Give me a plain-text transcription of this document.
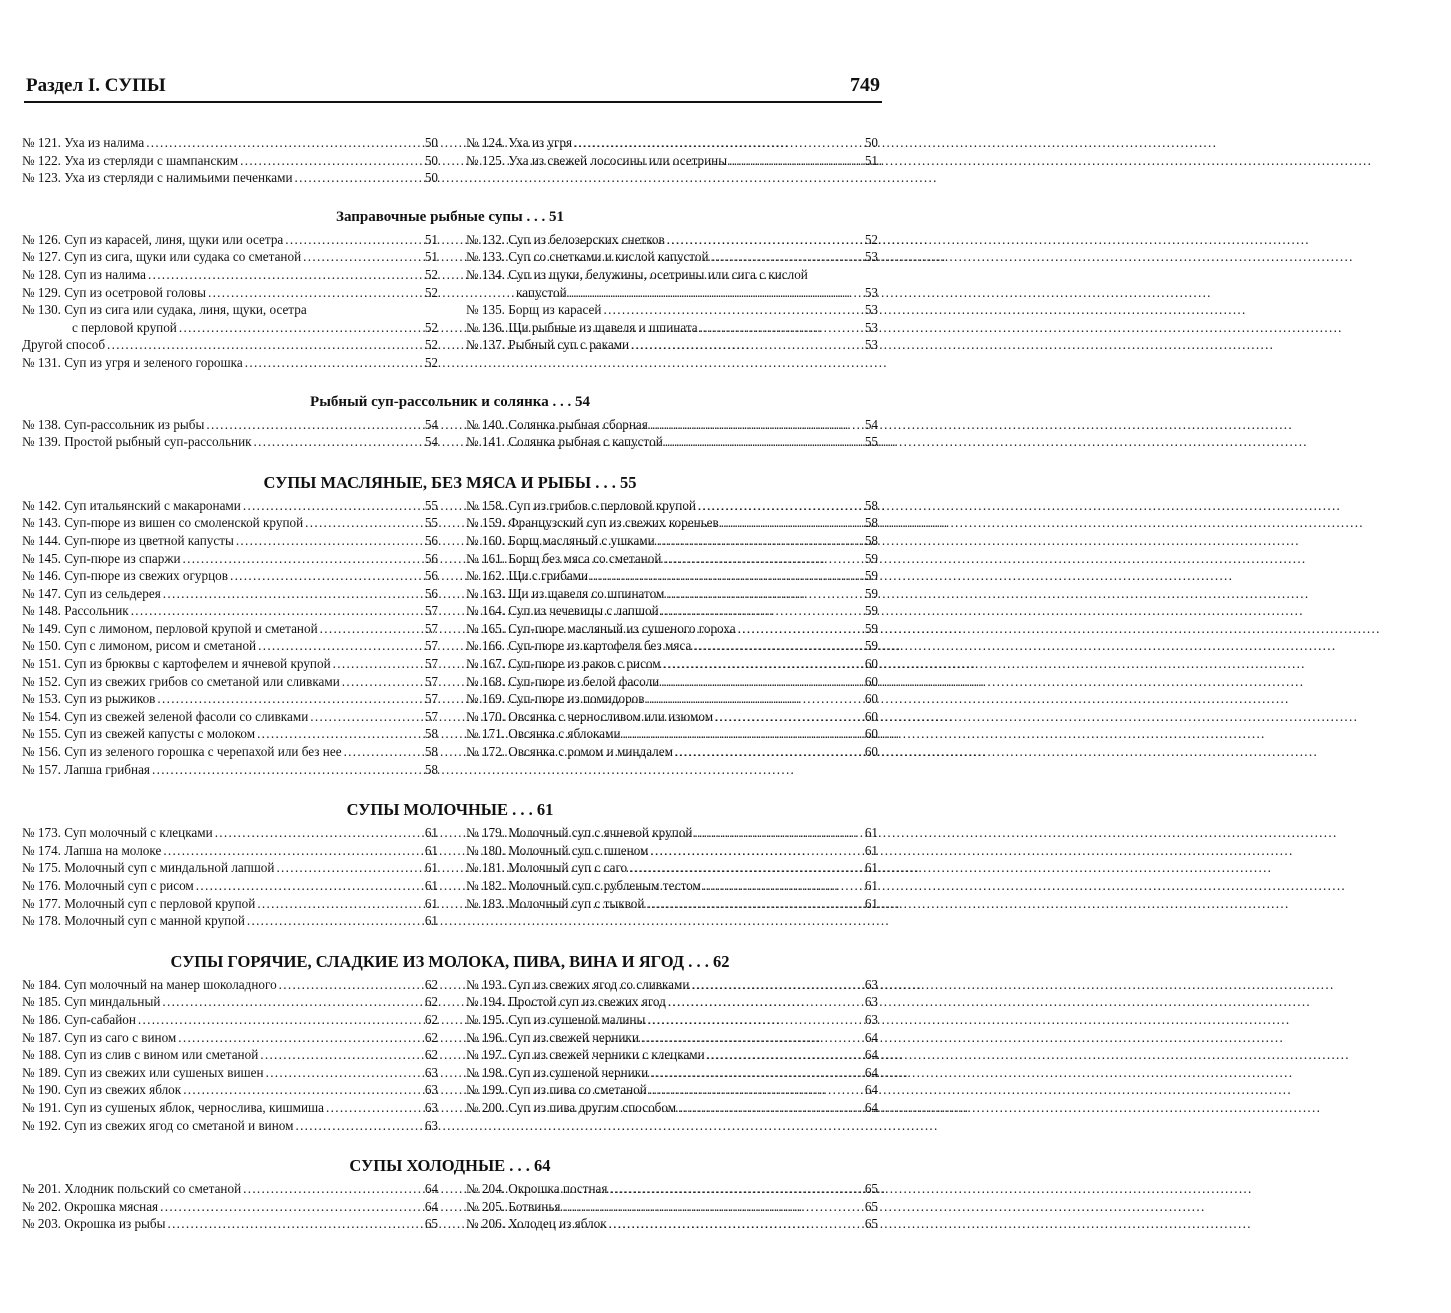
Раздел I. СУПЫ	749
№ 121. Уха из налима . . .	50
№ 122. Уха из стерляди с шампанским . . .	50
№ 123. Уха из стерляди с налимьими печенками . . .	50
№ 124. Уха из угря . . .	50
№ 125. Уха из свежей лососины или осетрины . . .	51
Заправочные рыбные супы . . . 51
№ 126. Суп из карасей, линя, щуки или осетра . . .	51
№ 127. Суп из сига, щуки или судака со сметаной . . .	51
№ 128. Суп из налима . . .	52
№ 129. Суп из осетровой головы . . .	52
№ 130. Суп из сига или судака, линя, щуки, осетра
с перловой крупой . . .	52
Другой способ . . .	52
№ 131. Суп из угря и зеленого горошка . . .	52
№ 132. Суп из белозерских снетков . . .	52
№ 133. Суп со снетками и кислой капустой . . .	53
№ 134. Суп из щуки, белужины, осетрины или сига с кислой
капустой . . .	53
№ 135. Борщ из карасей . . .	53
№ 136. Щи рыбные из щавеля и шпината . . .	53
№ 137. Рыбный суп с раками . . .	53
Рыбный суп-рассольник и солянка . . . 54
№ 138. Суп-рассольник из рыбы . . .	54
№ 139. Простой рыбный суп-рассольник . . .	54
№ 140. Солянка рыбная сборная . . .	54
№ 141. Солянка рыбная с капустой . . .	55
СУПЫ МАСЛЯНЫЕ, БЕЗ МЯСА И РЫБЫ . . . 55
№ 142. Суп итальянский с макаронами . . .	55
№ 143. Суп-пюре из вишен со смоленской крупой . . .	55
№ 144. Суп-пюре из цветной капусты . . .	56
№ 145. Суп-пюре из спаржи . . .	56
№ 146. Суп-пюре из свежих огурцов . . .	56
№ 147. Суп из сельдерея . . .	56
№ 148. Рассольник . . .	57
№ 149. Суп с лимоном, перловой крупой и сметаной . . .	57
№ 150. Суп с лимоном, рисом и сметаной . . .	57
№ 151. Суп из брюквы с картофелем и ячневой крупой . . .	57
№ 152. Суп из свежих грибов со сметаной или сливками . . .	57
№ 153. Суп из рыжиков . . .	57
№ 154. Суп из свежей зеленой фасоли со сливками . . .	57
№ 155. Суп из свежей капусты с молоком . . .	58
№ 156. Суп из зеленого горошка с черепахой или без нее . . .	58
№ 157. Лапша грибная . . .	58
№ 158. Суп из грибов с перловой крупой . . .	58
№ 159. Французский суп из свежих кореньев . . .	58
№ 160. Борщ масляный с ушками . . .	58
№ 161. Борщ без мяса со сметаной . . .	59
№ 162. Щи с грибами . . .	59
№ 163. Щи из щавеля со шпинатом . . .	59
№ 164. Суп из чечевицы с лапшой . . .	59
№ 165. Суп-пюре масляный из сушеного гороха . . .	59
№ 166. Суп-пюре из картофеля без мяса . . .	59
№ 167. Суп-пюре из раков с рисом . . .	60
№ 168. Суп-пюре из белой фасоли . . .	60
№ 169. Суп-пюре из помидоров . . .	60
№ 170. Овсянка с черносливом или изюмом . . .	60
№ 171. Овсянка с яблоками . . .	60
№ 172. Овсянка с ромом и миндалем . . .	60
СУПЫ МОЛОЧНЫЕ . . . 61
№ 173. Суп молочный с клецками . . .	61
№ 174. Лапша на молоке . . .	61
№ 175. Молочный суп с миндальной лапшой . . .	61
№ 176. Молочный суп с рисом . . .	61
№ 177. Молочный суп с перловой крупой . . .	61
№ 178. Молочный суп с манной крупой . . .	61
№ 179. Молочный суп с ячневой крупой . . .	61
№ 180. Молочный суп с пшеном . . .	61
№ 181. Молочный суп с саго . . .	61
№ 182. Молочный суп с рубленым тестом . . .	61
№ 183. Молочный суп с тыквой . . .	61
СУПЫ ГОРЯЧИЕ, СЛАДКИЕ ИЗ МОЛОКА, ПИВА, ВИНА И ЯГОД . . . 62
№ 184. Суп молочный на манер шоколадного . . .	62
№ 185. Суп миндальный . . .	62
№ 186. Суп-сабайон . . .	62
№ 187. Суп из саго с вином . . .	62
№ 188. Суп из слив с вином или сметаной . . .	62
№ 189. Суп из свежих или сушеных вишен . . .	63
№ 190. Суп из свежих яблок . . .	63
№ 191. Суп из сушеных яблок, чернослива, кишмиша . . .	63
№ 192. Суп из свежих ягод со сметаной и вином . . .	63
№ 193. Суп из свежих ягод со сливками . . .	63
№ 194. Простой суп из свежих ягод . . .	63
№ 195. Суп из сушеной малины . . .	63
№ 196. Суп из свежей черники . . .	64
№ 197. Суп из свежей черники с клецками . . .	64
№ 198. Суп из сушеной черники . . .	64
№ 199. Суп из пива со сметаной . . .	64
№ 200. Суп из пива другим способом . . .	64
СУПЫ ХОЛОДНЫЕ . . . 64
№ 201. Хлодник польский со сметаной . . .	64
№ 202. Окрошка мясная . . .	64
№ 203. Окрошка из рыбы . . .	65
№ 204. Окрошка постная . . .	65
№ 205. Ботвинья . . .	65
№ 206. Холодец из яблок . . .	65
